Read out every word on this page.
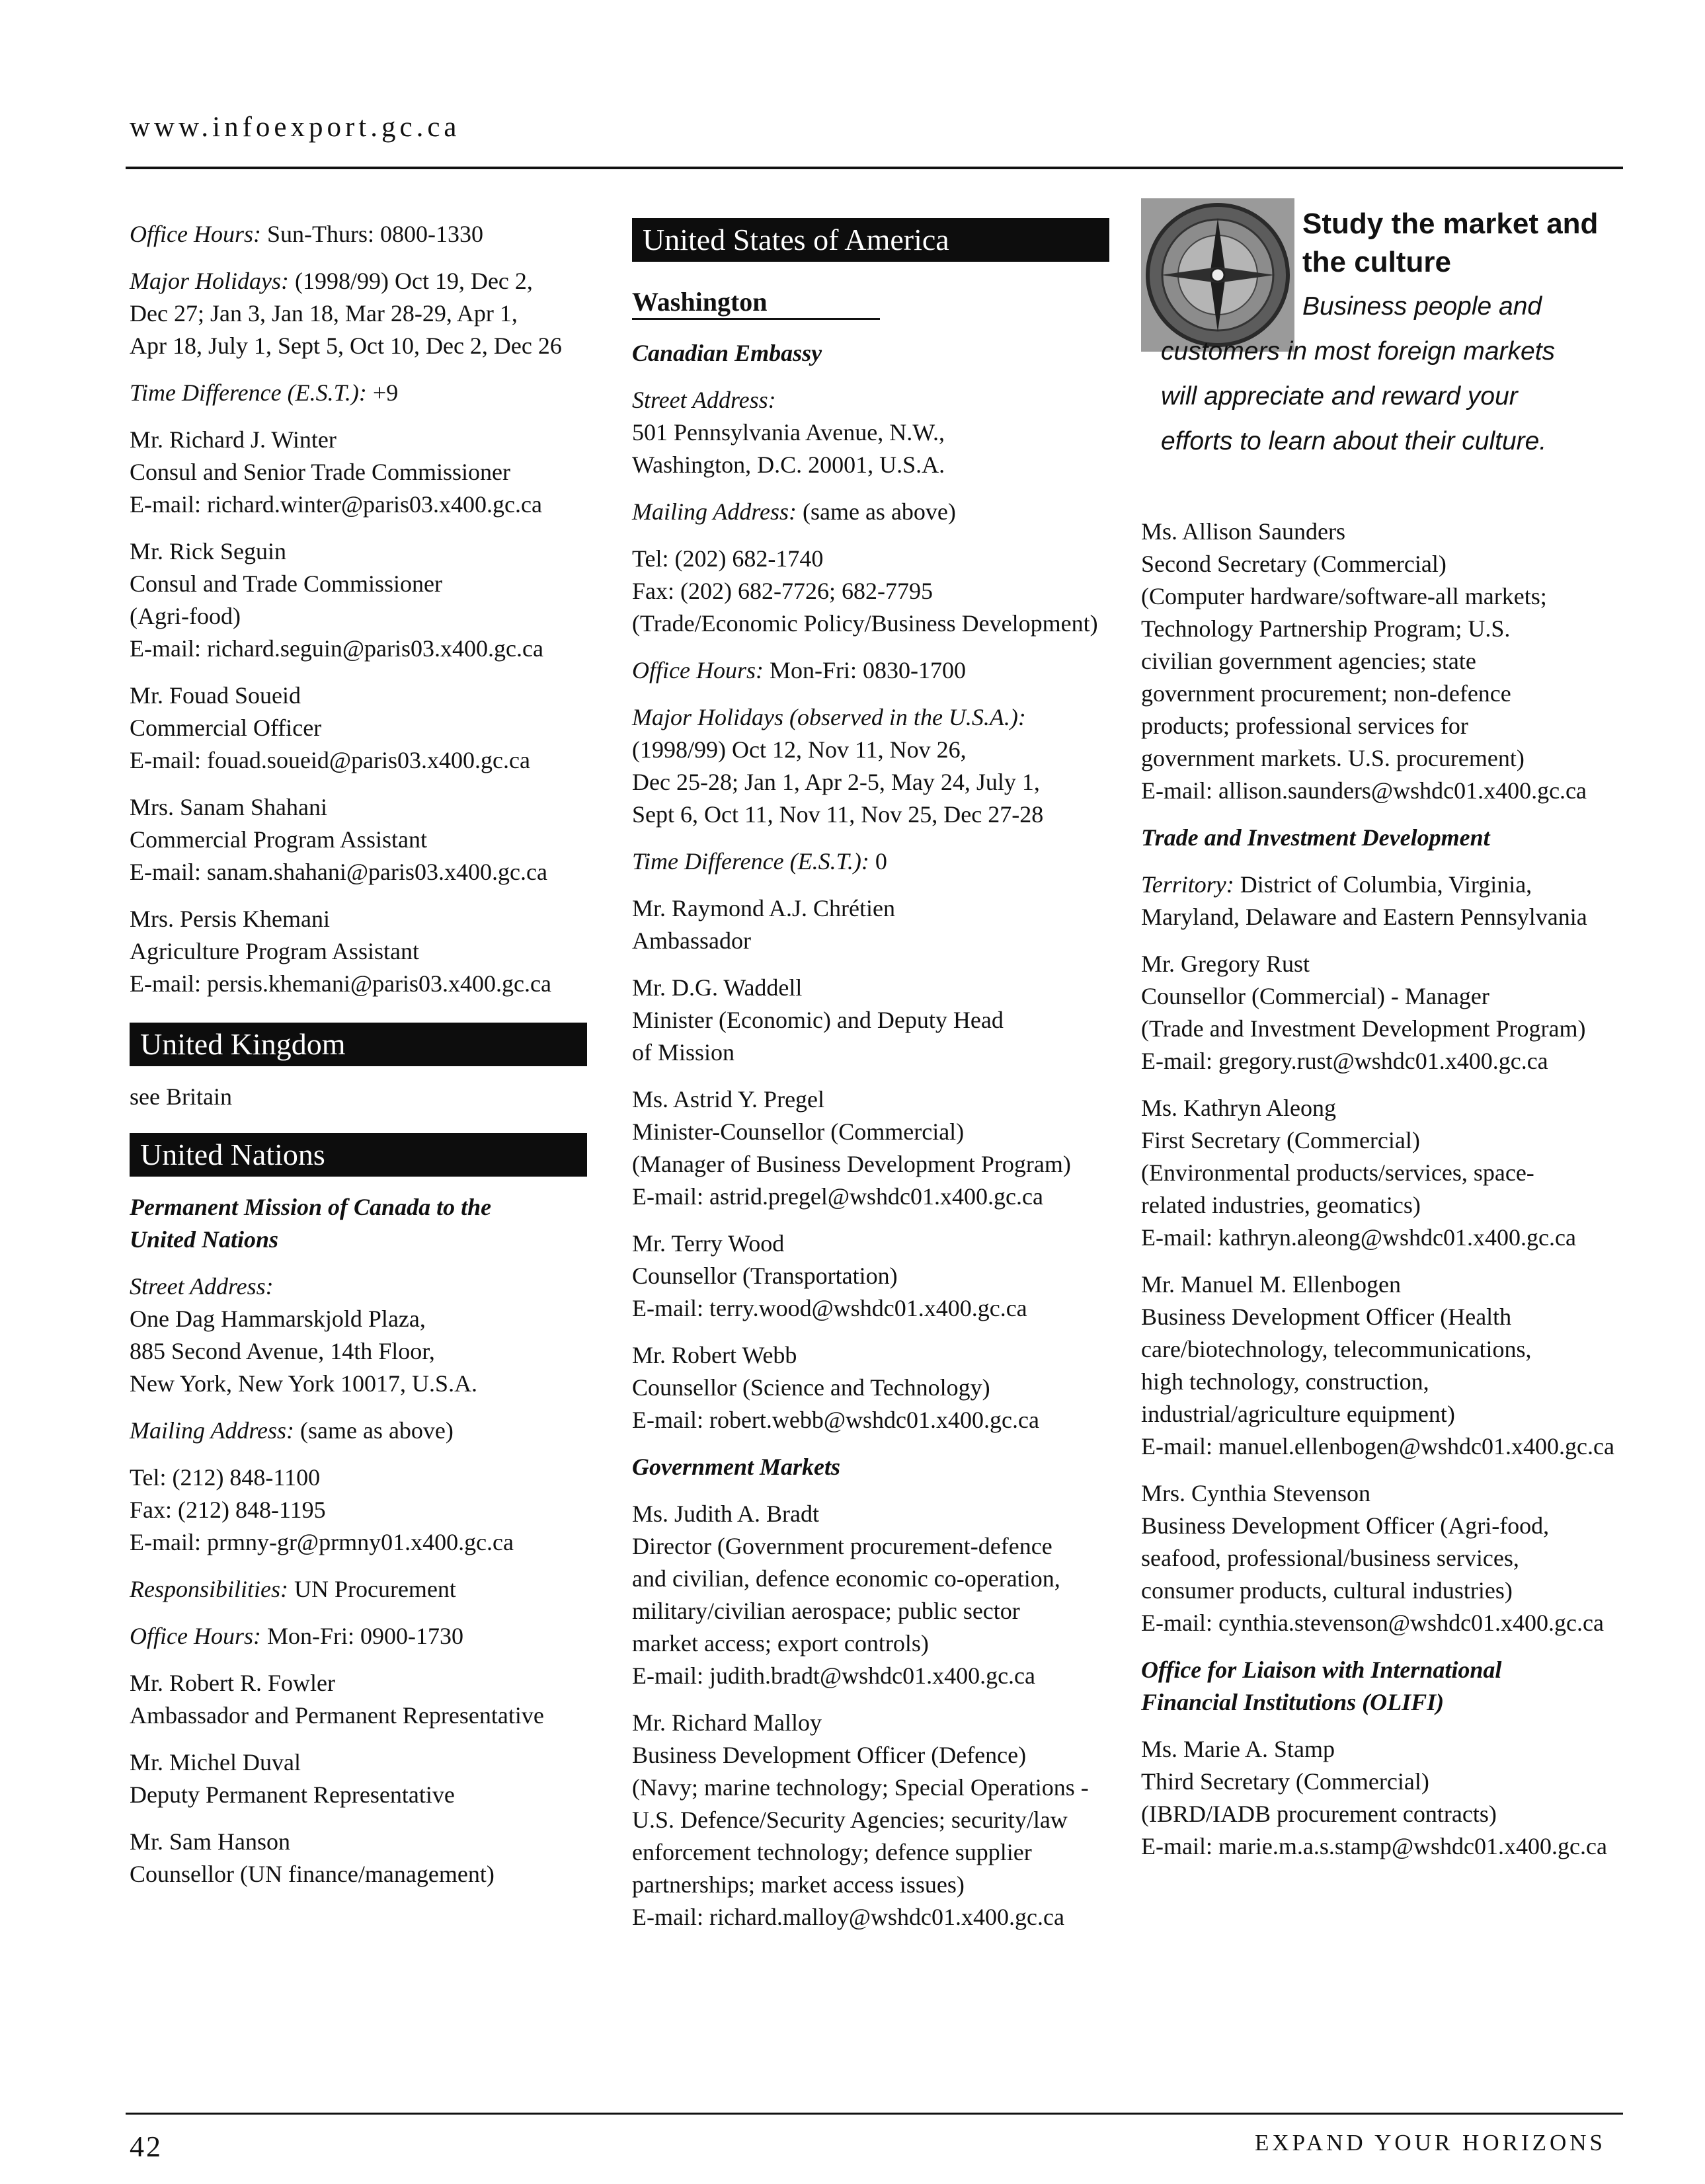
www.infoexport.gc.ca
Office Hours: Sun-Thurs: 0800-1330
Major Holidays: (1998/99) Oct 19, Dec 2,
Dec 27; Jan 3, Jan 18, Mar 28-29, Apr 1,
Apr 18, July 1, Sept 5, Oct 10, Dec 2, Dec 26
Time Difference (E.S.T.): +9
Mr. Richard J. Winter
Consul and Senior Trade Commissioner
E-mail: richard.winter@paris03.x400.gc.ca
Mr. Rick Seguin
Consul and Trade Commissioner
(Agri-food)
E-mail: richard.seguin@paris03.x400.gc.ca
Mr. Fouad Soueid
Commercial Officer
E-mail: fouad.soueid@paris03.x400.gc.ca
Mrs. Sanam Shahani
Commercial Program Assistant
E-mail: sanam.shahani@paris03.x400.gc.ca
Mrs. Persis Khemani
Agriculture Program Assistant
E-mail: persis.khemani@paris03.x400.gc.ca
United Kingdom
see Britain
United Nations
Permanent Mission of Canada to the
United Nations
Street Address:
One Dag Hammarskjold Plaza,
885 Second Avenue, 14th Floor,
New York, New York 10017, U.S.A.
Mailing Address: (same as above)
Tel: (212) 848-1100
Fax: (212) 848-1195
E-mail: prmny-gr@prmny01.x400.gc.ca
Responsibilities: UN Procurement
Office Hours: Mon-Fri: 0900-1730
Mr. Robert R. Fowler
Ambassador and Permanent Representative
Mr. Michel Duval
Deputy Permanent Representative
Mr. Sam Hanson
Counsellor (UN finance/management)
United States of America
Washington
Canadian Embassy
Street Address:
501 Pennsylvania Avenue, N.W.,
Washington, D.C. 20001, U.S.A.
Mailing Address: (same as above)
Tel: (202) 682-1740
Fax: (202) 682-7726; 682-7795
(Trade/Economic Policy/Business Development)
Office Hours: Mon-Fri: 0830-1700
Major Holidays (observed in the U.S.A.):
(1998/99) Oct 12, Nov 11, Nov 26,
Dec 25-28; Jan 1, Apr 2-5, May 24, July 1,
Sept 6, Oct 11, Nov 11, Nov 25, Dec 27-28
Time Difference (E.S.T.): 0
Mr. Raymond A.J. Chrétien
Ambassador
Mr. D.G. Waddell
Minister (Economic) and Deputy Head
of Mission
Ms. Astrid Y. Pregel
Minister-Counsellor (Commercial)
(Manager of Business Development Program)
E-mail: astrid.pregel@wshdc01.x400.gc.ca
Mr. Terry Wood
Counsellor (Transportation)
E-mail: terry.wood@wshdc01.x400.gc.ca
Mr. Robert Webb
Counsellor (Science and Technology)
E-mail: robert.webb@wshdc01.x400.gc.ca
Government Markets
Ms. Judith A. Bradt
Director (Government procurement-defence
and civilian, defence economic co-operation,
military/civilian aerospace; public sector
market access; export controls)
E-mail: judith.bradt@wshdc01.x400.gc.ca
Mr. Richard Malloy
Business Development Officer (Defence)
(Navy; marine technology; Special Operations -
U.S. Defence/Security Agencies; security/law
enforcement technology; defence supplier
partnerships; market access issues)
E-mail: richard.malloy@wshdc01.x400.gc.ca
Study the market and
the culture
Business people and
customers in most foreign markets
will appreciate and reward your
efforts to learn about their culture.
Ms. Allison Saunders
Second Secretary (Commercial)
(Computer hardware/software-all markets;
Technology Partnership Program; U.S.
civilian government agencies; state
government procurement; non-defence
products; professional services for
government markets. U.S. procurement)
E-mail: allison.saunders@wshdc01.x400.gc.ca
Trade and Investment Development
Territory: District of Columbia, Virginia,
Maryland, Delaware and Eastern Pennsylvania
Mr. Gregory Rust
Counsellor (Commercial) - Manager
(Trade and Investment Development Program)
E-mail: gregory.rust@wshdc01.x400.gc.ca
Ms. Kathryn Aleong
First Secretary (Commercial)
(Environmental products/services, space-
related industries, geomatics)
E-mail: kathryn.aleong@wshdc01.x400.gc.ca
Mr. Manuel M. Ellenbogen
Business Development Officer (Health
care/biotechnology, telecommunications,
high technology, construction,
industrial/agriculture equipment)
E-mail: manuel.ellenbogen@wshdc01.x400.gc.ca
Mrs. Cynthia Stevenson
Business Development Officer (Agri-food,
seafood, professional/business services,
consumer products, cultural industries)
E-mail: cynthia.stevenson@wshdc01.x400.gc.ca
Office for Liaison with International
Financial Institutions (OLIFI)
Ms. Marie A. Stamp
Third Secretary (Commercial)
(IBRD/IADB procurement contracts)
E-mail: marie.m.a.s.stamp@wshdc01.x400.gc.ca
42	EXPAND YOUR HORIZONS
